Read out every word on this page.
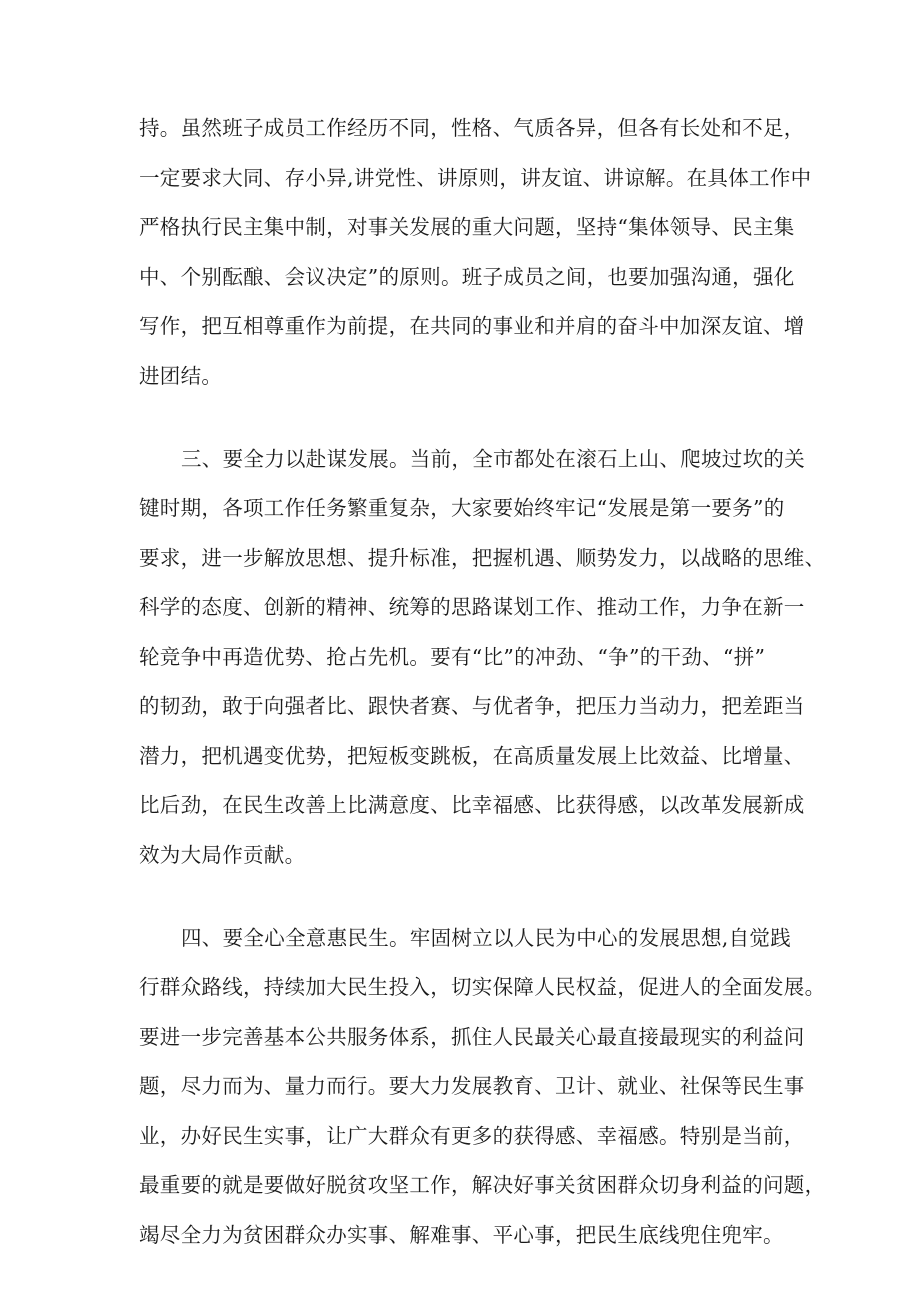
持。虽然班子成员工作经历不同，性格、气质各异，但各有长处和不足，
一定要求大同、存小异,讲党性、讲原则，讲友谊、讲谅解。在具体工作中
严格执行民主集中制，对事关发展的重大问题，坚持“集体领导、民主集
中、个别酝酿、会议决定”的原则。班子成员之间，也要加强沟通，强化
写作，把互相尊重作为前提，在共同的事业和并肩的奋斗中加深友谊、增
进团结。
三、要全力以赴谋发展。当前，全市都处在滚石上山、爬坡过坎的关
键时期，各项工作任务繁重复杂，大家要始终牢记“发展是第一要务”的
要求，进一步解放思想、提升标准，把握机遇、顺势发力，以战略的思维、
科学的态度、创新的精神、统筹的思路谋划工作、推动工作，力争在新一
轮竞争中再造优势、抢占先机。要有“比”的冲劲、“争”的干劲、“拼”
的韧劲，敢于向强者比、跟快者赛、与优者争，把压力当动力，把差距当
潜力，把机遇变优势，把短板变跳板，在高质量发展上比效益、比增量、
比后劲，在民生改善上比满意度、比幸福感、比获得感，以改革发展新成
效为大局作贡献。
四、要全心全意惠民生。牢固树立以人民为中心的发展思想,自觉践
行群众路线，持续加大民生投入，切实保障人民权益，促进人的全面发展。
要进一步完善基本公共服务体系，抓住人民最关心最直接最现实的利益问
题，尽力而为、量力而行。要大力发展教育、卫计、就业、社保等民生事
业，办好民生实事，让广大群众有更多的获得感、幸福感。特别是当前，
最重要的就是要做好脱贫攻坚工作，解决好事关贫困群众切身利益的问题，
竭尽全力为贫困群众办实事、解难事、平心事，把民生底线兜住兜牢。
